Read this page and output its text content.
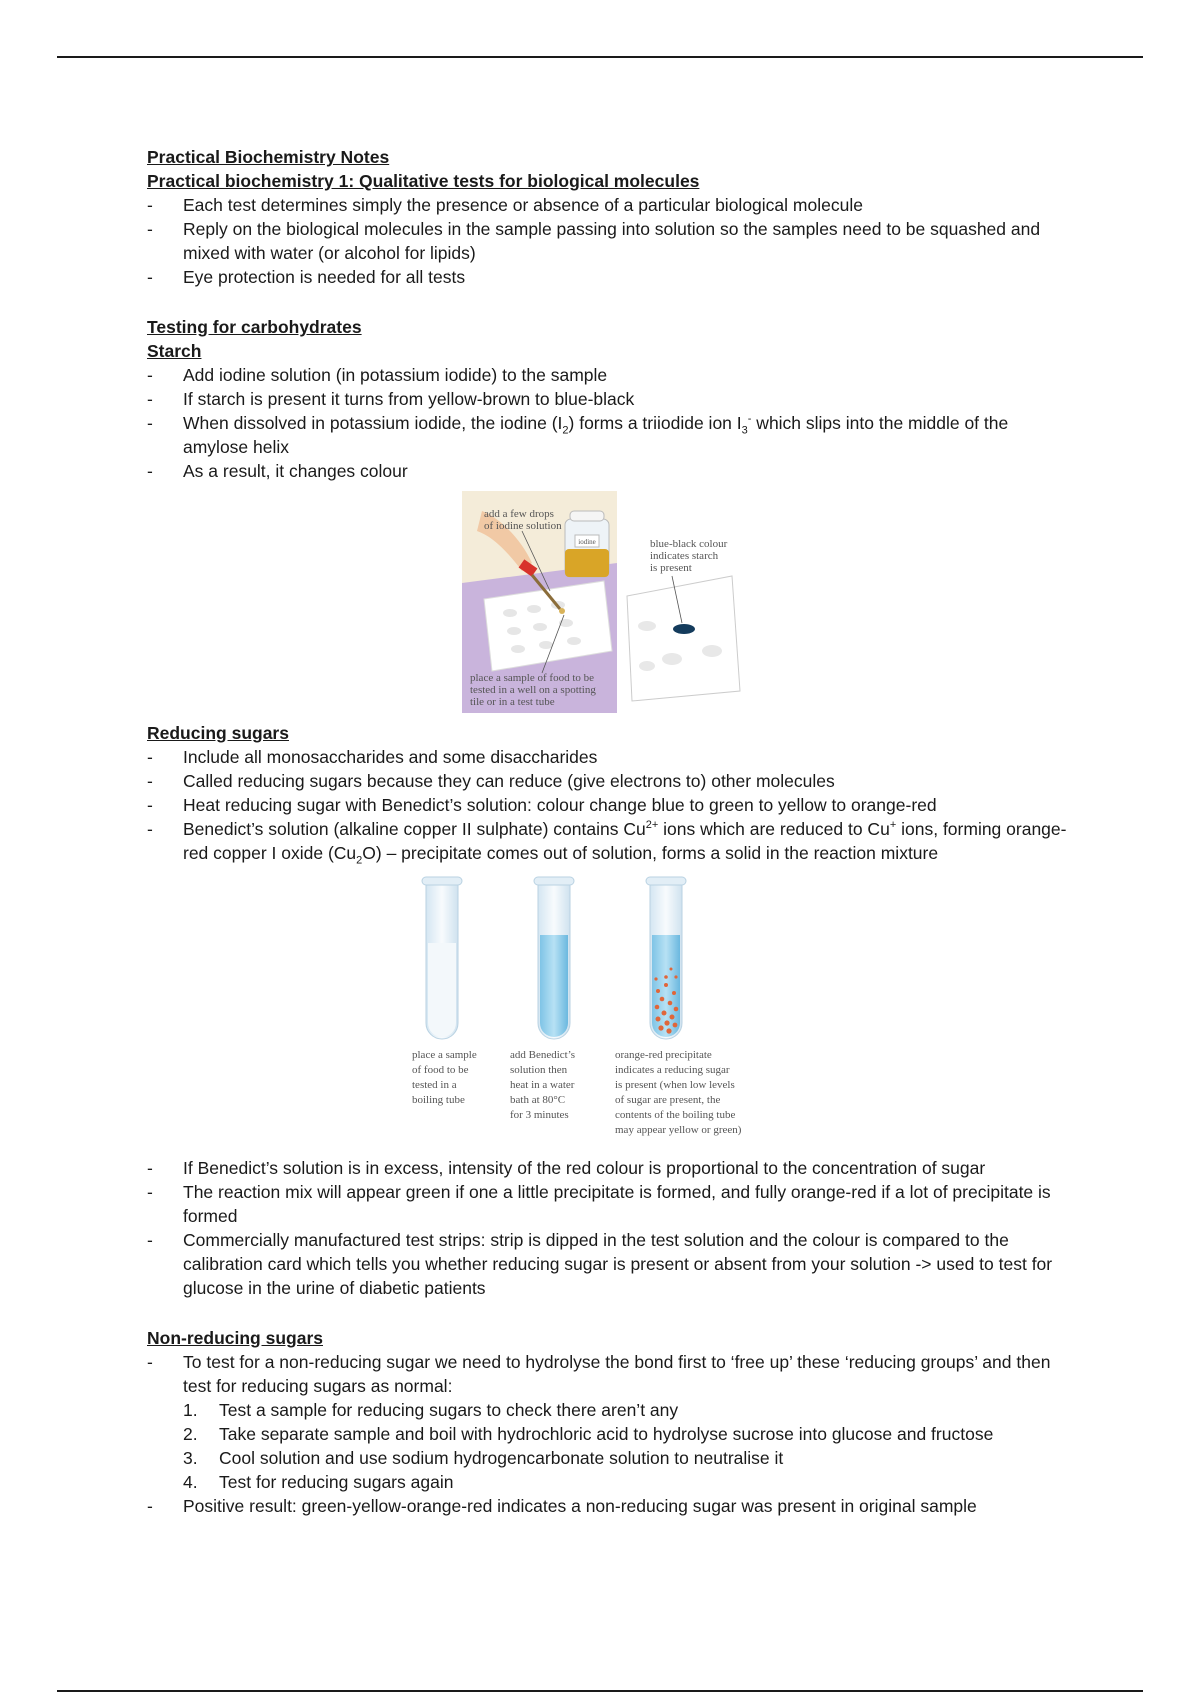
Practical Biochemistry Notes

Practical biochemistry 1: Qualitative tests for biological molecules

- Each test determines simply the presence or absence of a particular biological molecule
- Reply on the biological molecules in the sample passing into solution so the samples need to be squashed and mixed with water (or alcohol for lipids)
- Eye protection is needed for all tests

Testing for carbohydrates

Starch

- Add iodine solution (in potassium iodide) to the sample
- If starch is present it turns from yellow-brown to blue-black
- When dissolved in potassium iodide, the iodine $(I_2)$ forms a triiodide ion $I_3^-$ which slips into the middle of the amylose helix
- As a result, it changes colour
iodine
add a few drops
of iodine solution
place a sample of food to be
tested in a well on a spotting
tile or in a test tube
blue-black colour
indicates starch
is present

Reducing sugars

- Include all monosaccharides and some disaccharides
- Called reducing sugars because they can reduce (give electrons to) other molecules
- Heat reducing sugar with Benedict’s solution: colour change blue to green to yellow to orange-red
- Benedict’s solution (alkaline copper II sulphate) contains $Cu^{2+}$ ions which are reduced to Cu+ ions, forming orange-red copper I oxide $(Cu_2O)$ – precipitate comes out of solution, forms a solid in the reaction mixture
place a sample
of food to be
tested in a
boiling tube
add Benedict’s
solution then
heat in a water
bath at 80°C
for 3 minutes
orange-red precipitate
indicates a reducing sugar
is present (when low levels
of sugar are present, the
contents of the boiling tube
may appear yellow or green)
- If Benedict’s solution is in excess, intensity of the red colour is proportional to the concentration of sugar
- The reaction mix will appear green if one a little precipitate is formed, and fully orange-red if a lot of precipitate is formed
- Commercially manufactured test strips: strip is dipped in the test solution and the colour is compared to the calibration card which tells you whether reducing sugar is present or absent from your solution -> used to test for glucose in the urine of diabetic patients

Non-reducing sugars

- To test for a non-reducing sugar we need to hydrolyse the bond first to ‘free up’ these ‘reducing groups’ and then test for reducing sugars as normal:
1. Test a sample for reducing sugars to check there aren’t any
2. Take separate sample and boil with hydrochloric acid to hydrolyse sucrose into glucose and fructose
3. Cool solution and use sodium hydrogencarbonate solution to neutralise it
4. Test for reducing sugars again
- Positive result: green-yellow-orange-red indicates a non-reducing sugar was present in original sample
